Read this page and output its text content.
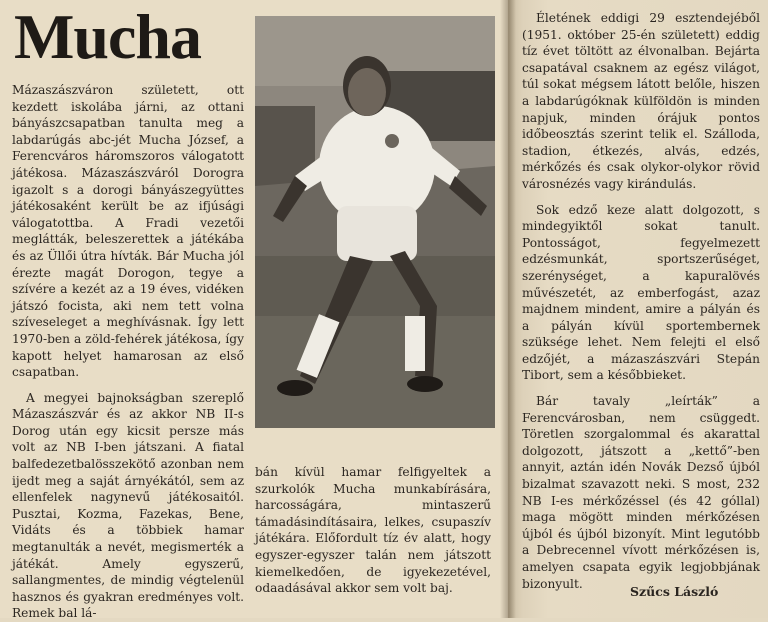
Mucha

Mázaszászváron született, ott kezdett iskolába járni, az ottani bányászcsapatban tanulta meg a labdarúgás abc-jét Mucha József, a Ferencváros háromszoros válogatott játékosa. Mázaszászváról Dorogra igazolt s a dorogi bányászegyüttes játékosaként került be az ifjúsági válogatottba. A Fradi vezetői meglátták, beleszerettek a játékába és az Üllői útra hívták. Bár Mucha jól érezte magát Dorogon, tegye a szívére a kezét az a 19 éves, vidéken játszó focista, aki nem tett volna szíveseleget a meghívásnak. Így lett 1970-ben a zöld-fehérek játékosa, így kapott helyet hamarosan az első csapatban.

A megyei bajnokságban szereplő Mázaszászvár és az akkor NB II-s Dorog után egy kicsit persze más volt az NB I-ben játszani. A fiatal balfedezetbalösszekötő azonban nem ijedt meg a saját árnyékától, sem az ellenfelek nagynevű játékosaitól. Pusztai, Kozma, Fazekas, Bene, Vidáts és a többiek hamar megtanulták a nevét, megismerték a játékát. Amely egyszerű, sallangmentes, de mindig végtelenül hasznos és gyakran eredményes volt. Remek bal lá-

bán kívül hamar felfigyeltek a szurkolók Mucha munkabírására, harcosságára, mintaszerű támadásindításaira, lelkes, csupaszív játékára. Előfordult tíz év alatt, hogy egyszer-egyszer talán nem játszott kiemelkedően, de igyekezetével, odaadásával akkor sem volt baj.

Életének eddigi 29 esztendejéből (1951. október 25-én született) eddig tíz évet töltött az élvonalban. Bejárta csapatával csaknem az egész világot, túl sokat mégsem látott belőle, hiszen a labdarúgóknak külföldön is minden napjuk, minden órájuk pontos időbeosztás szerint telik el. Szálloda, stadion, étkezés, alvás, edzés, mérkőzés és csak olykor-olykor rövid városnézés vagy kirándulás.

Sok edző keze alatt dolgozott, s mindegyiktől sokat tanult. Pontosságot, fegyelmezett edzésmunkát, sportszerűséget, szerénységet, a kapuralövés művészetét, az emberfogást, azaz majdnem mindent, amire a pályán és a pályán kívül sportembernek szüksége lehet. Nem felejti el első edzőjét, a mázaszászvári Stepán Tibort, sem a későbbieket.

Bár tavaly „leírták” a Ferencvárosban, nem csüggedt. Töretlen szorgalommal és akarattal dolgozott, játszott a „kettő”-ben annyit, aztán idén Novák Dezső újból bizalmat szavazott neki. S most, 232 NB I-es mérkőzéssel (és 42 góllal) maga mögött minden mérkőzésen újból és újból bizonyít. Mint legutóbb a Debrecennel vívott mérkőzésen is, amelyen csapata egyik legjobbjának bizonyult.

Szűcs László
